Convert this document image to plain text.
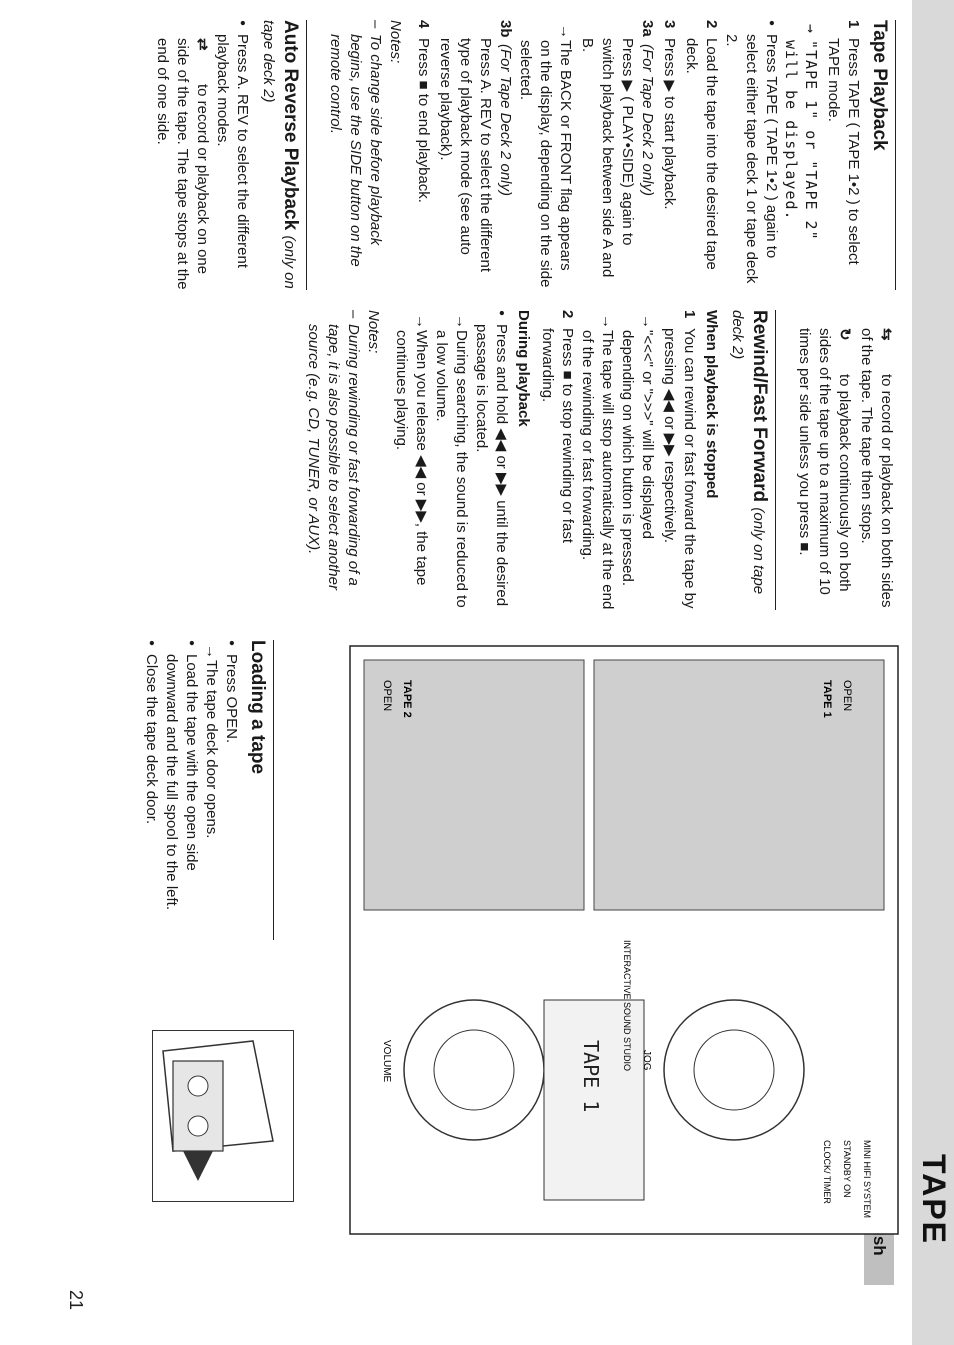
TAPE
21
Tape Playback
1
Press TAPE ( TAPE 1•2 ) to select TAPE mode.
→ "TAPE 1" or "TAPE 2" will be displayed.
● Press TAPE ( TAPE 1•2 ) again to select either tape deck 1 or tape deck 2.
2
Load the tape into the desired tape deck.
3
Press ▶ to start playback.
3a
(For Tape Deck 2 only)
Press ▶ ( PLAY•SIDE) again to switch playback between side A and B.
→ The BACK or FRONT flag appears on the display, depending on the side selected.
3b
(For Tape Deck 2 only)
Press A. REV to select the different type of playback mode (see auto reverse playback).
4
Press ■ to end playback.
Notes:
– To change side before playback begins, use the SIDE button on the remote control.
Auto Reverse Playback (only on tape deck 2)
● Press A. REV to select the different playback modes.
⇄to record or playback on one side of the tape. The tape stops at the end of one side.
⇆to record or playback on both sides of the tape. The tape then stops.
↻to playback continuously on both sides of the tape up to a maximum of 10 times per side unless you press ■.
Rewind/Fast Forward (only on tape deck 2)
When playback is stopped
1
You can rewind or fast forward the tape by pressing ◀◀ or ▶▶ respectively.
→ "<<<" or ">>>" will be displayed depending on which button is pressed.
→ The tape will stop automatically at the end of the rewinding or fast forwarding.
2
Press ■ to stop rewinding or fast forwarding.
During playback
● Press and hold ◀◀ or ▶▶ until the desired passage is located.
→ During searching, the sound is reduced to a low volume.
→ When you release ◀◀ or ▶▶, the tape continues playing.
Notes:
– During rewinding or fast forwarding of a tape, it is also possible to select another source (e.g. CD, TUNER, or AUX).
Loading a tape
● Press OPEN.
→ The tape deck door opens.
● Load the tape with the open side downward and the full spool to the left.
● Close the tape deck door.
TAPE 1
OPEN
TAPE 1
OPEN TAPE 2
JOG
VOLUME
MINI HIFI SYSTEM
STANDBY ON
CLOCK/ TIMER
INTERACTIVE SOUND STUDIO
